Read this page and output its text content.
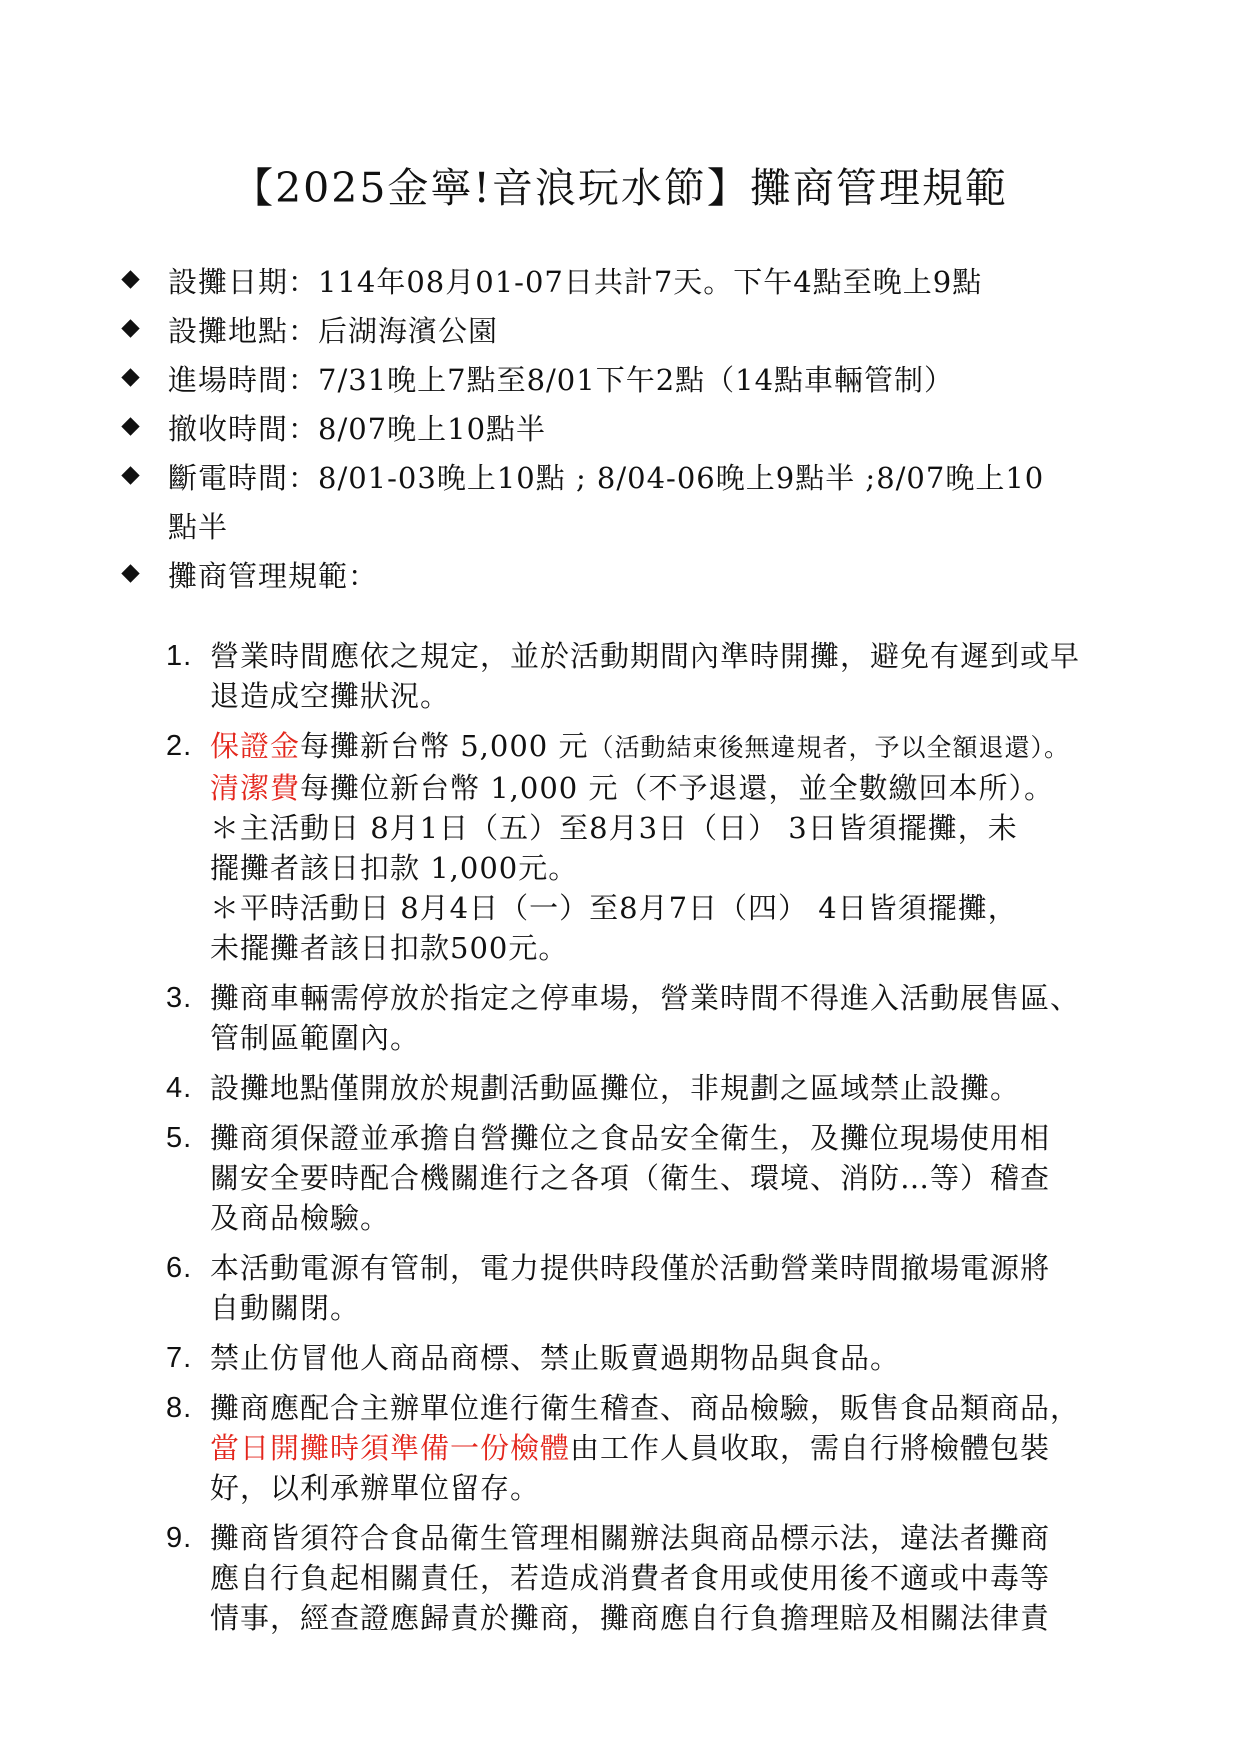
【2025金寧!音浪玩水節】攤商管理規範
設攤日期：114年08月01-07日共計7天。下午4點至晚上9點
設攤地點：后湖海濱公園
進場時間：7/31晚上7點至8/01下午2點（14點車輛管制）
撤收時間：8/07晚上10點半
斷電時間：8/01-03晚上10點 ; 8/04-06晚上9點半 ;8/07晚上10
點半
攤商管理規範：
1. 營業時間應依之規定，並於活動期間內準時開攤，避免有遲到或早
退造成空攤狀況。
2. 保證金每攤新台幣 5,000 元（活動結束後無違規者，予以全額退還）。
清潔費每攤位新台幣 1,000 元（不予退還，並全數繳回本所）。
＊主活動日 8月1日（五）至8月3日（日） 3日皆須擺攤，未
擺攤者該日扣款 1,000元。
＊平時活動日 8月4日（一）至8月7日（四） 4日皆須擺攤，
未擺攤者該日扣款500元。
3. 攤商車輛需停放於指定之停車場，營業時間不得進入活動展售區、
管制區範圍內。
4. 設攤地點僅開放於規劃活動區攤位，非規劃之區域禁止設攤。
5. 攤商須保證並承擔自營攤位之食品安全衛生，及攤位現場使用相
關安全要時配合機關進行之各項（衛生、環境、消防…等）稽查
及商品檢驗。
6. 本活動電源有管制，電力提供時段僅於活動營業時間撤場電源將
自動關閉。
7. 禁止仿冒他人商品商標、禁止販賣過期物品與食品。
8. 攤商應配合主辦單位進行衛生稽查、商品檢驗，販售食品類商品，
當日開攤時須準備一份檢體由工作人員收取，需自行將檢體包裝
好，以利承辦單位留存。
9. 攤商皆須符合食品衛生管理相關辦法與商品標示法，違法者攤商
應自行負起相關責任，若造成消費者食用或使用後不適或中毒等
情事，經查證應歸責於攤商，攤商應自行負擔理賠及相關法律責
